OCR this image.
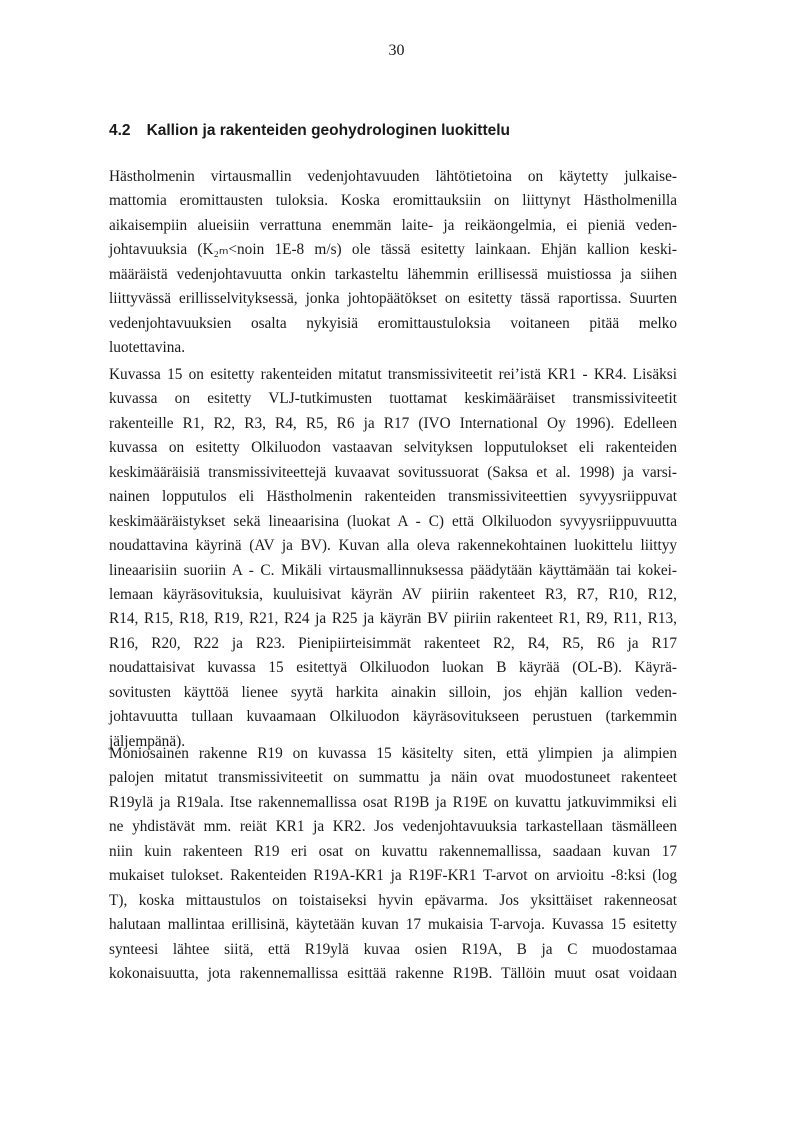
30
4.2 Kallion ja rakenteiden geohydrologinen luokittelu
Hästholmenin virtausmallin vedenjohtavuuden lähtötietoina on käytetty julkaise-
mattomia eromittausten tuloksia. Koska eromittauksiin on liittynyt Hästholmenilla
aikaisempiin alueisiin verrattuna enemmän laite- ja reikäongelmia, ei pieniä veden-
johtavuuksia (K₂ₘ<noin 1E-8 m/s) ole tässä esitetty lainkaan. Ehjän kallion keski-
määräistä vedenjohtavuutta onkin tarkasteltu lähemmin erillisessä muistiossa ja siihen
liittyvässä erillisselvityksessä, jonka johtopäätökset on esitetty tässä raportissa. Suurten
vedenjohtavuuksien osalta nykyisiä eromittaustuloksia voitaneen pitää melko
luotettavina.
Kuvassa 15 on esitetty rakenteiden mitatut transmissiviteetit rei’istä KR1 - KR4. Lisäksi
kuvassa on esitetty VLJ-tutkimusten tuottamat keskimääräiset transmissiviteetit
rakenteille R1, R2, R3, R4, R5, R6 ja R17 (IVO International Oy 1996). Edelleen
kuvassa on esitetty Olkiluodon vastaavan selvityksen lopputulokset eli rakenteiden
keskimääräisiä transmissiviteettejä kuvaavat sovitussuorat (Saksa et al. 1998) ja varsi-
nainen lopputulos eli Hästholmenin rakenteiden transmissiviteettien syvyysriippuvat
keskimääräistykset sekä lineaarisina (luokat A - C) että Olkiluodon syvyysriippuvuutta
noudattavina käyrinä (AV ja BV). Kuvan alla oleva rakennekohtainen luokittelu liittyy
lineaarisiin suoriin A - C. Mikäli virtausmallinnuksessa päädytään käyttämään tai kokei-
lemaan käyräsovituksia, kuuluisivat käyrän AV piiriin rakenteet R3, R7, R10, R12,
R14, R15, R18, R19, R21, R24 ja R25 ja käyrän BV piiriin rakenteet R1, R9, R11, R13,
R16, R20, R22 ja R23. Pienipiirteisimmät rakenteet R2, R4, R5, R6 ja R17
noudattaisivat kuvassa 15 esitettyä Olkiluodon luokan B käyrää (OL-B). Käyrä-
sovitusten käyttöä lienee syytä harkita ainakin silloin, jos ehjän kallion veden-
johtavuutta tullaan kuvaamaan Olkiluodon käyräsovitukseen perustuen (tarkemmin
jäljempänä).
Moniosainen rakenne R19 on kuvassa 15 käsitelty siten, että ylimpien ja alimpien
palojen mitatut transmissiviteetit on summattu ja näin ovat muodostuneet rakenteet
R19ylä ja R19ala. Itse rakennemallissa osat R19B ja R19E on kuvattu jatkuvimmiksi eli
ne yhdistävät mm. reiät KR1 ja KR2. Jos vedenjohtavuuksia tarkastellaan täsmälleen
niin kuin rakenteen R19 eri osat on kuvattu rakennemallissa, saadaan kuvan 17
mukaiset tulokset. Rakenteiden R19A-KR1 ja R19F-KR1 T-arvot on arvioitu -8:ksi (log
T), koska mittaustulos on toistaiseksi hyvin epävarma. Jos yksittäiset rakenneosat
halutaan mallintaa erillisinä, käytetään kuvan 17 mukaisia T-arvoja. Kuvassa 15 esitetty
synteesi lähtee siitä, että R19ylä kuvaa osien R19A, B ja C muodostamaa
kokonaisuutta, jota rakennemallissa esittää rakenne R19B. Tällöin muut osat voidaan
